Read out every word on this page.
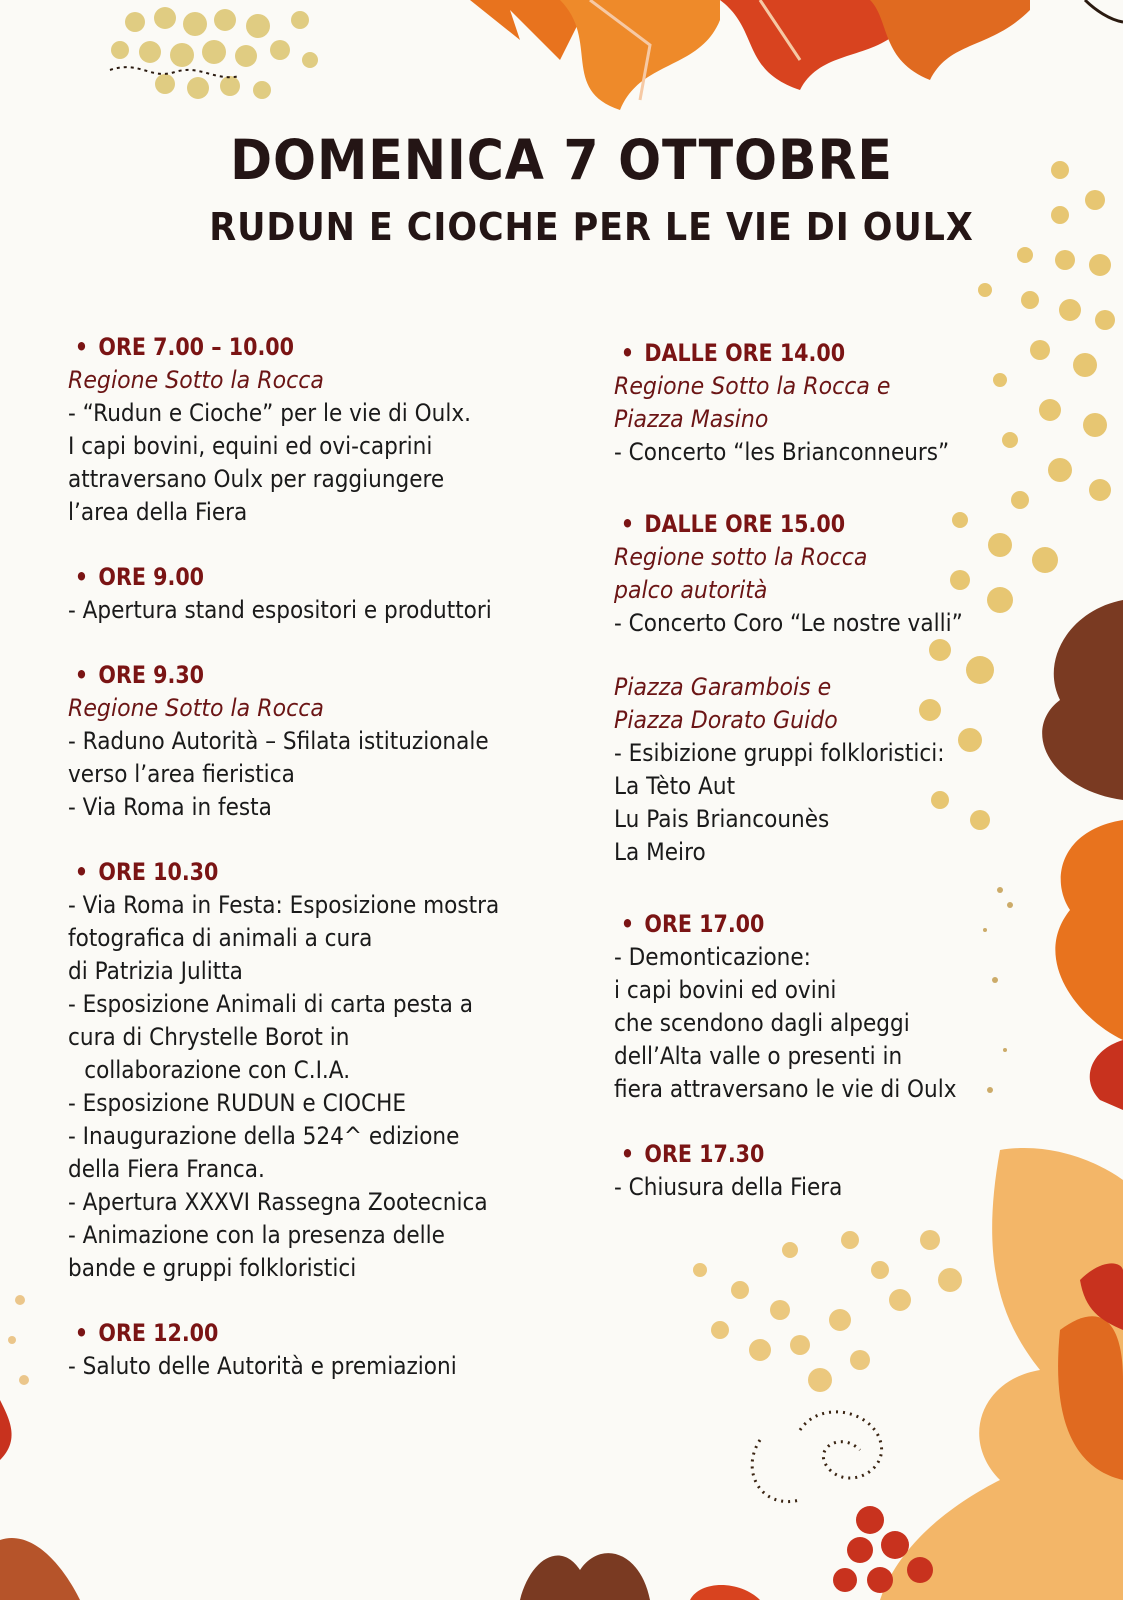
DOMENICA 7 OTTOBRE
RUDUN E CIOCHE PER LE VIE DI OULX
• ORE 7.00 – 10.00
Regione Sotto la Rocca
- “Rudun e Cioche” per le vie di Oulx.
I capi bovini, equini ed ovi-caprini
attraversano Oulx per raggiungere
l’area della Fiera
• ORE 9.00
- Apertura stand espositori e produttori
• ORE 9.30
Regione Sotto la Rocca
- Raduno Autorità – Sfilata istituzionale
verso l’area fieristica
- Via Roma in festa
• ORE 10.30
- Via Roma in Festa: Esposizione mostra
fotografica di animali a cura
di Patrizia Julitta
- Esposizione Animali di carta pesta a
cura di Chrystelle Borot in
collaborazione con C.I.A.
- Esposizione RUDUN e CIOCHE
- Inaugurazione della 524^ edizione
della Fiera Franca.
- Apertura XXXVI Rassegna Zootecnica
- Animazione con la presenza delle
bande e gruppi folkloristici
• ORE 12.00
- Saluto delle Autorità e premiazioni
• DALLE ORE 14.00
Regione Sotto la Rocca e
Piazza Masino
- Concerto “les Brianconneurs”
• DALLE ORE 15.00
Regione sotto la Rocca
palco autorità
- Concerto Coro “Le nostre valli”
Piazza Garambois e
Piazza Dorato Guido
- Esibizione gruppi folkloristici:
La Tèto Aut
Lu Pais Briancounès
La Meiro
• ORE 17.00
- Demonticazione:
i capi bovini ed ovini
che scendono dagli alpeggi
dell’Alta valle o presenti in
fiera attraversano le vie di Oulx
• ORE 17.30
- Chiusura della Fiera
